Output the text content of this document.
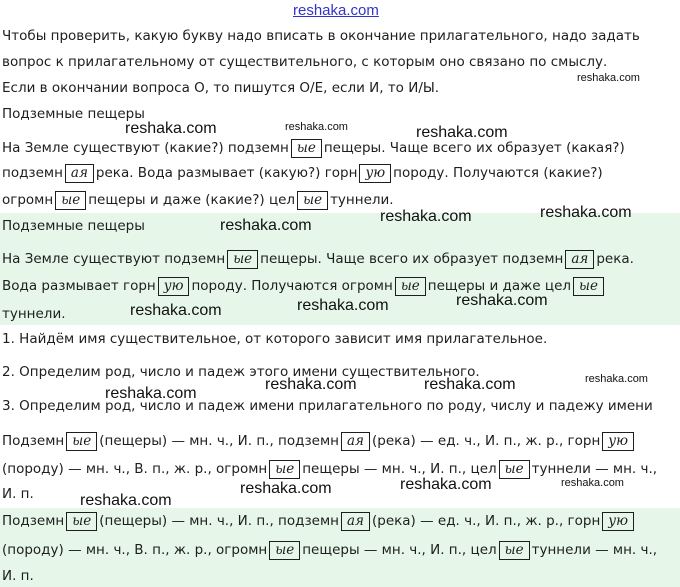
reshaka.com
Чтобы проверить, какую букву надо вписать в окончание прилагательного, надо задать
вопрос к прилагательному от существительного, с которым оно связано по смыслу.
Если в окончании вопроса О, то пишутся О/Е, если И, то И/Ы.
Подземные пещеры
На Земле существуют (какие?) подземн ые пещеры. Чаще всего их образует (какая?)
подземн ая река. Вода размывает (какую?) горн ую породу. Получаются (какие?)
огромн ые пещеры и даже (какие?) цел ые туннели.
Подземные пещеры
На Земле существуют подземн ые пещеры. Чаще всего их образует подземн ая река.
Вода размывает горн ую породу. Получаются огромн ые пещеры и даже цел ые
туннели.
1. Найдём имя существительное, от которого зависит имя прилагательное.
2. Определим род, число и падеж этого имени существительного.
3. Определим род, число и падеж имени прилагательного по роду, числу и падежу имени
Подземн ые (пещеры) — мн. ч., И. п., подземн ая (река) — ед. ч., И. п., ж. р., горн ую
(породу) — мн. ч., В. п., ж. р., огромн ые пещеры — мн. ч., И. п., цел ые туннели — мн. ч.,
И. п.
Подземн ые (пещеры) — мн. ч., И. п., подземн ая (река) — ед. ч., И. п., ж. р., горн ую
(породу) — мн. ч., В. п., ж. р., огромн ые пещеры — мн. ч., И. п., цел ые туннели — мн. ч.,
И. п.
reshaka.com
reshaka.com	reshaka.com	reshaka.com
reshaka.com
reshaka.com
reshaka.com
reshaka.com
reshaka.com
reshaka.com
reshaka.com
reshaka.com	reshaka.com
reshaka.com
reshaka.com
reshaka.com
reshaka.com
reshaka.com
